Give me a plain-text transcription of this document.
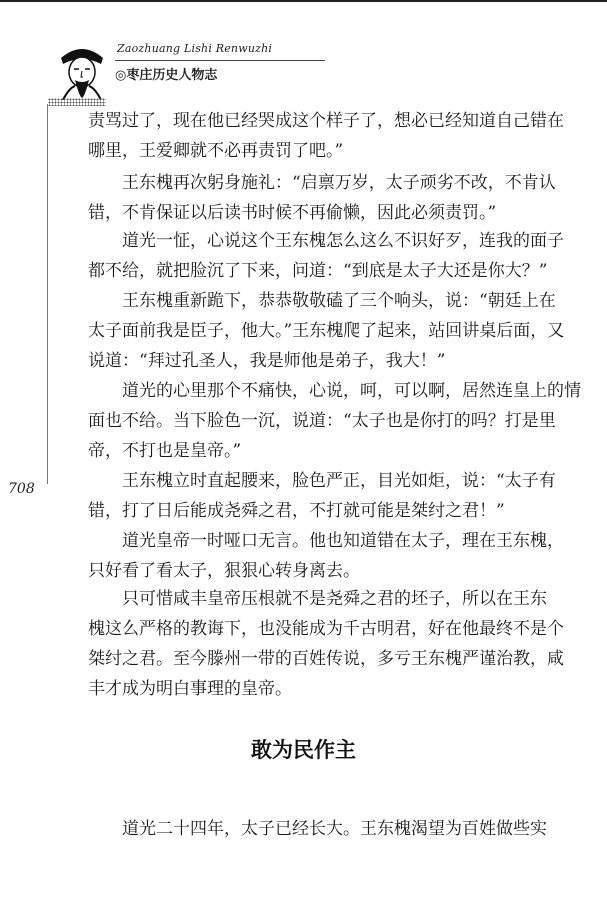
Zaozhuang Lishi Renwuzhi
◎枣庄历史人物志
708
责骂过了，现在他已经哭成这个样子了，想必已经知道自己错在
哪里，王爱卿就不必再责罚了吧。”
　　王东槐再次躬身施礼：“启禀万岁，太子顽劣不改，不肯认
错，不肯保证以后读书时候不再偷懒，因此必须责罚。”
　　道光一怔，心说这个王东槐怎么这么不识好歹，连我的面子
都不给，就把脸沉了下来，问道：“到底是太子大还是你大？”
　　王东槐重新跪下，恭恭敬敬磕了三个响头，说：“朝廷上在
太子面前我是臣子，他大。”王东槐爬了起来，站回讲桌后面，又
说道：“拜过孔圣人，我是师他是弟子，我大！”
　　道光的心里那个不痛快，心说，呵，可以啊，居然连皇上的情
面也不给。当下脸色一沉，说道：“太子也是你打的吗？打是里
帝，不打也是皇帝。”
　　王东槐立时直起腰来，脸色严正，目光如炬，说：“太子有
错，打了日后能成尧舜之君，不打就可能是桀纣之君！”
　　道光皇帝一时哑口无言。他也知道错在太子，理在王东槐，
只好看了看太子，狠狠心转身离去。
　　只可惜咸丰皇帝压根就不是尧舜之君的坯子，所以在王东
槐这么严格的教诲下，也没能成为千古明君，好在他最终不是个
桀纣之君。至今滕州一带的百姓传说，多亏王东槐严谨治教，咸
丰才成为明白事理的皇帝。
敢为民作主
　　道光二十四年，太子已经长大。王东槐渴望为百姓做些实
